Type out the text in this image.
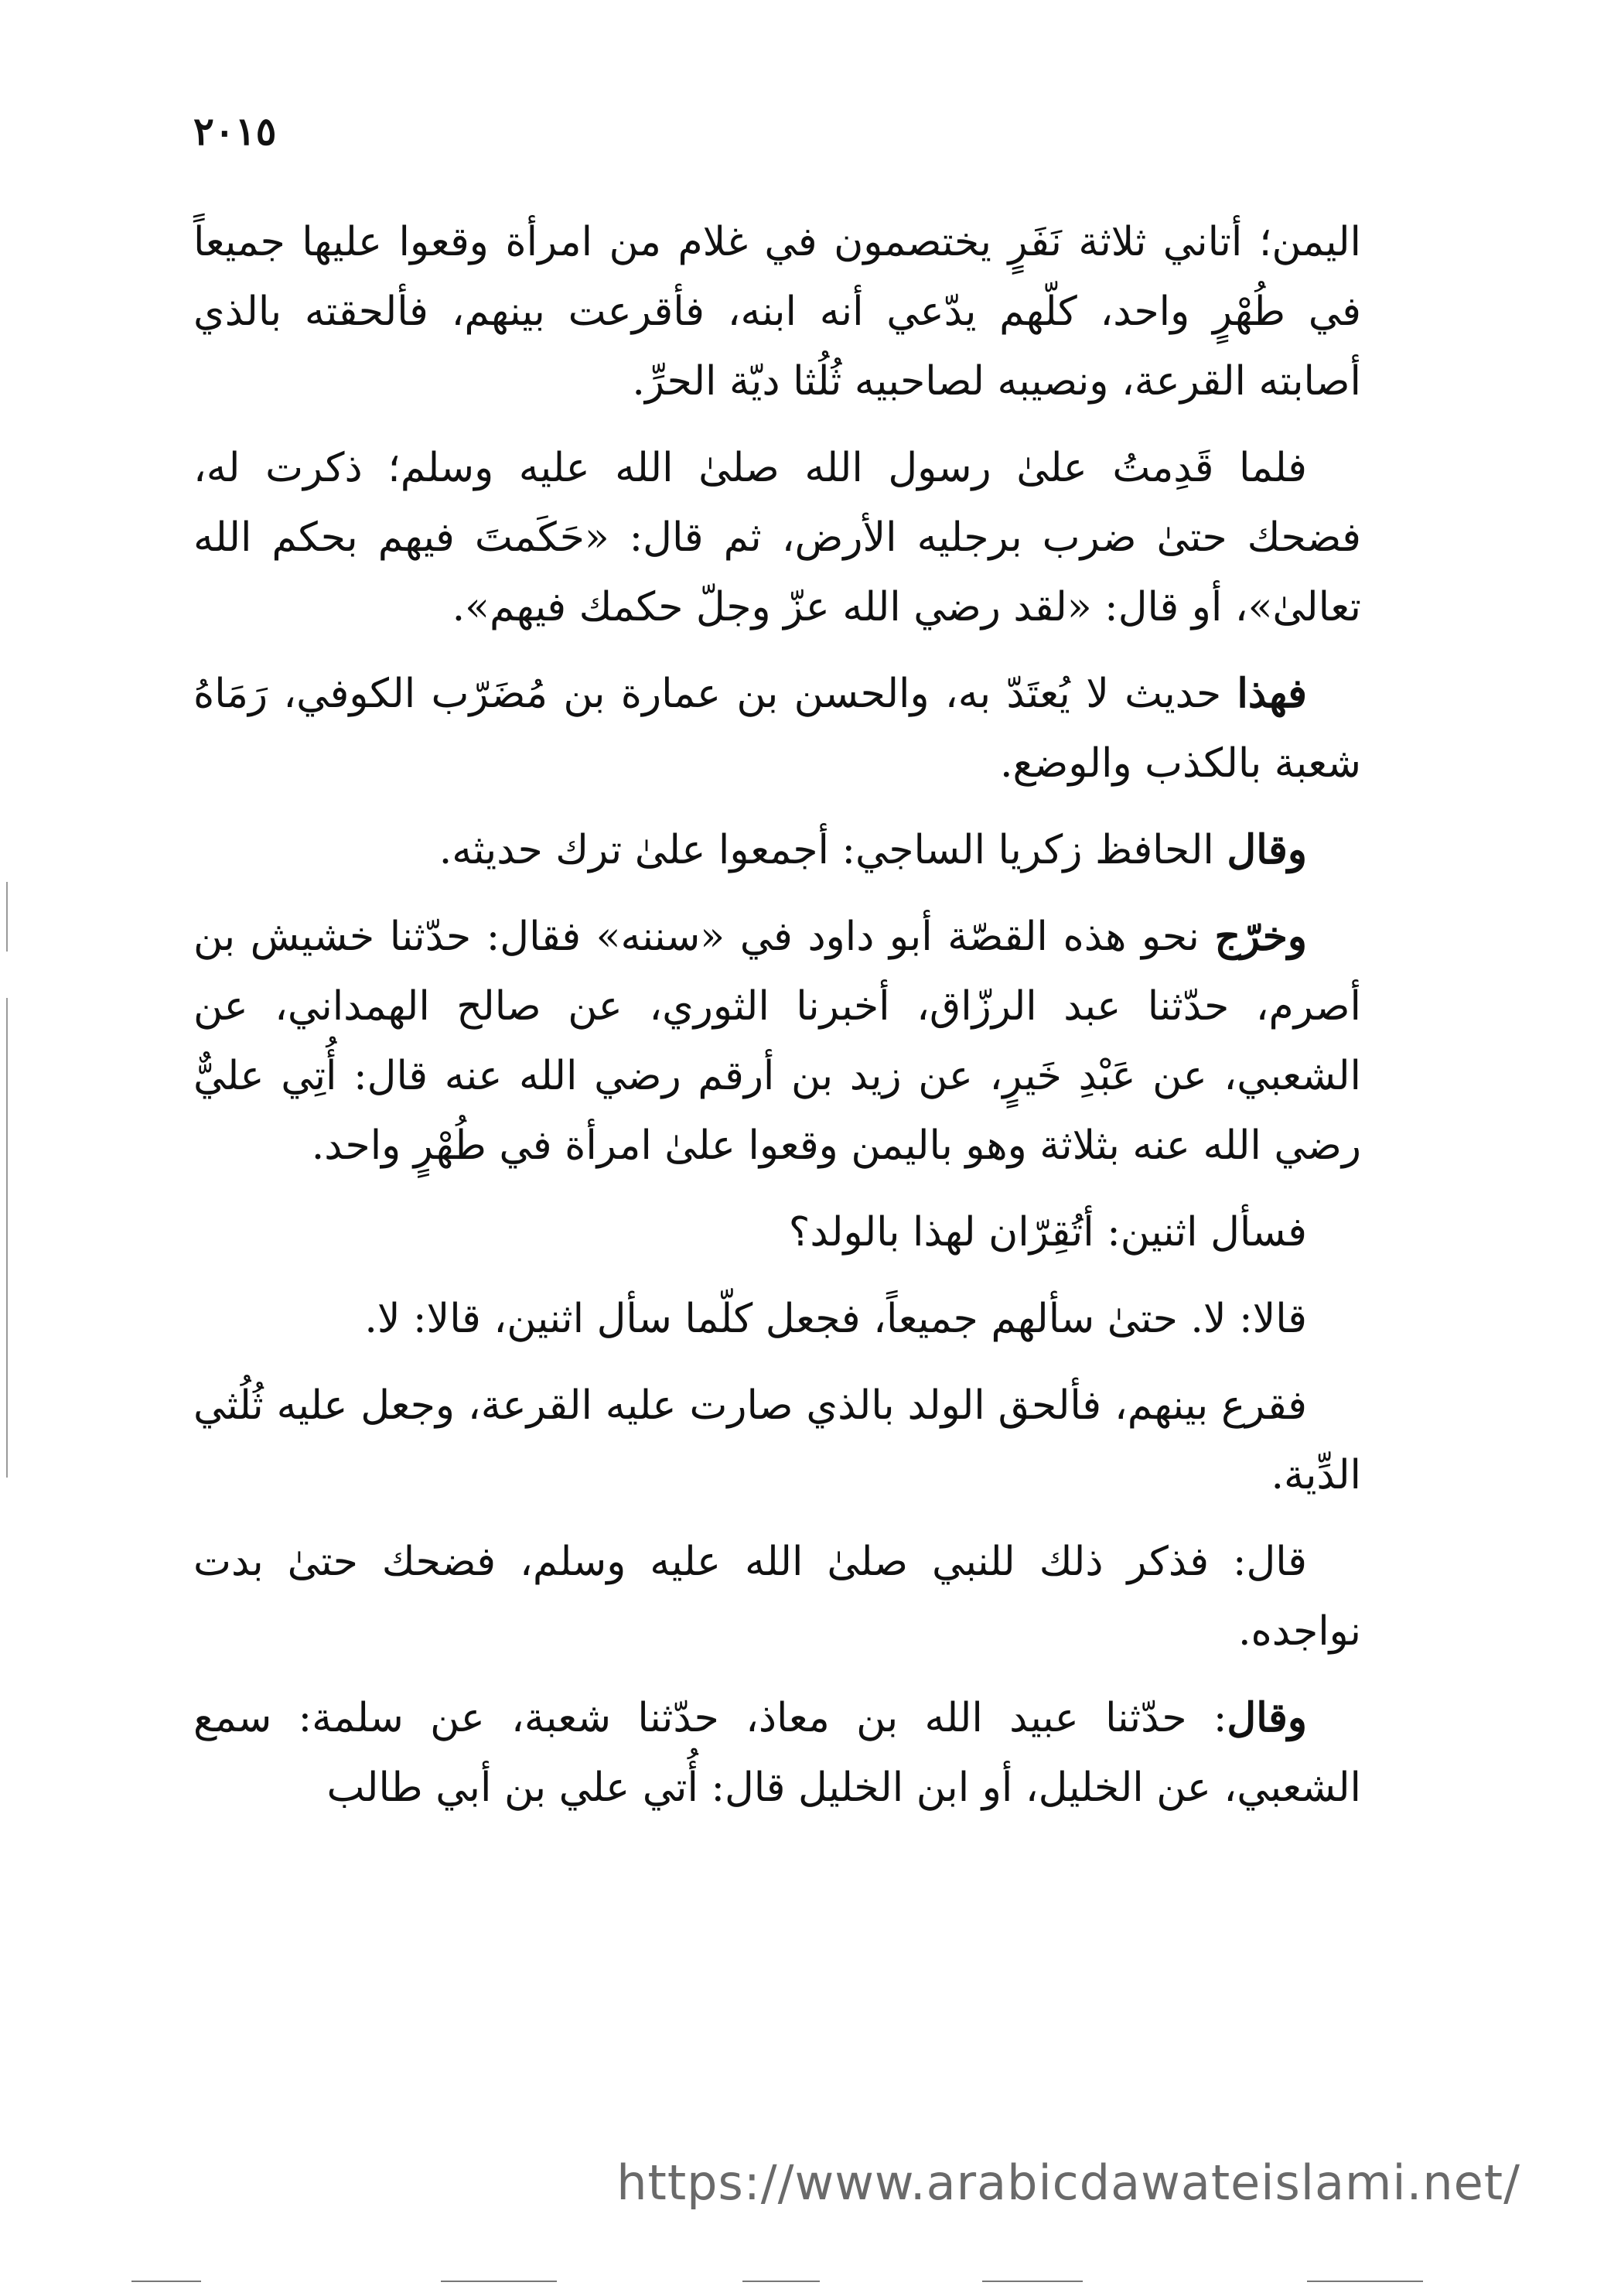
٢٠١٥

اليمن؛ أتاني ثلاثة نَفَرٍ يختصمون في غلام من امرأة وقعوا عليها جميعاً في طُهْرٍ واحد، كلّهم يدّعي أنه ابنه، فأقرعت بينهم، فألحقته بالذي أصابته القرعة، ونصيبه لصاحبيه ثُلُثا ديّة الحرِّ.

فلما قَدِمتُ علىٰ رسول الله صلىٰ الله عليه وسلم؛ ذكرت له، فضحك حتىٰ ضرب برجليه الأرض، ثم قال: «حَكَمتَ فيهم بحكم الله تعالىٰ»، أو قال: «لقد رضي الله عزّ وجلّ حكمك فيهم».

فهذا حديث لا يُعتَدّ به، والحسن بن عمارة بن مُضَرّب الكوفي، رَمَاهُ شعبة بالكذب والوضع.

وقال الحافظ زكريا الساجي: أجمعوا علىٰ ترك حديثه.

وخرّج نحو هذه القصّة أبو داود في «سننه» فقال: حدّثنا خشيش بن أصرم، حدّثنا عبد الرزّاق، أخبرنا الثوري، عن صالح الهمداني، عن الشعبي، عن عَبْدِ خَيرٍ، عن زيد بن أرقم رضي الله عنه قال: أُتِي عليٌّ رضي الله عنه بثلاثة وهو باليمن وقعوا علىٰ امرأة في طُهْرٍ واحد.

فسأل اثنين: أتُقِرّان لهذا بالولد؟

قالا: لا. حتىٰ سألهم جميعاً، فجعل كلّما سأل اثنين، قالا: لا.

فقرع بينهم، فألحق الولد بالذي صارت عليه القرعة، وجعل عليه ثُلُثي الدِّية.

قال: فذكر ذلك للنبي صلىٰ الله عليه وسلم، فضحك حتىٰ بدت نواجده.

وقال: حدّثنا عبيد الله بن معاذ، حدّثنا شعبة، عن سلمة: سمع الشعبي، عن الخليل، أو ابن الخليل قال: أُتي علي بن أبي طالب

https://www.arabicdawateislami.net/
